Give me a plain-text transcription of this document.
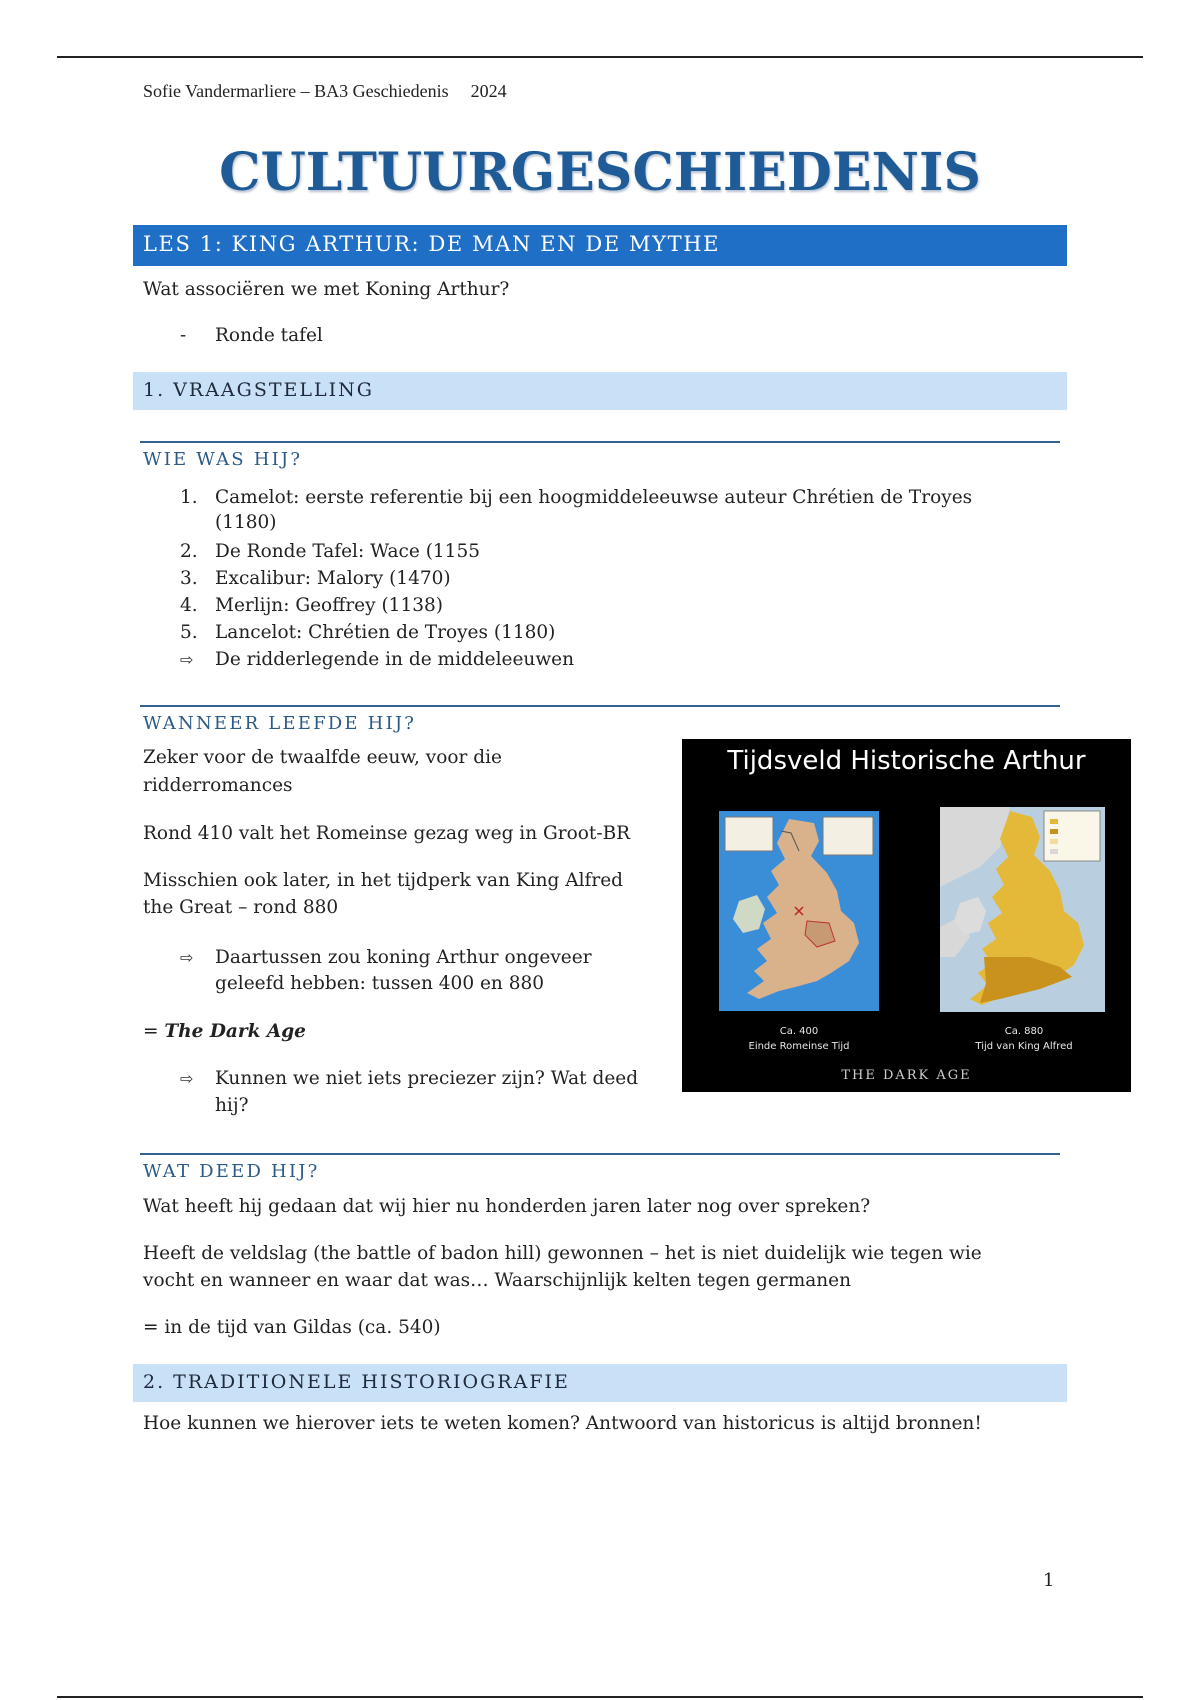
Sofie Vandermarliere – BA3 Geschiedenis 2024
CULTUURGESCHIEDENIS
LES 1: KING ARTHUR: DE MAN EN DE MYTHE
Wat associëren we met Koning Arthur?
- Ronde tafel
1. VRAAGSTELLING
WIE WAS HIJ?
1. Camelot: eerste referentie bij een hoogmiddeleeuwse auteur Chrétien de Troyes
(1180)
2. De Ronde Tafel: Wace (1155
3. Excalibur: Malory (1470)
4. Merlijn: Geoffrey (1138)
5. Lancelot: Chrétien de Troyes (1180)
⇨ De ridderlegende in de middeleeuwen
WANNEER LEEFDE HIJ?
Zeker voor de twaalfde eeuw, voor die
ridderromances
Rond 410 valt het Romeinse gezag weg in Groot-BR
Misschien ook later, in het tijdperk van King Alfred
the Great – rond 880
⇨ Daartussen zou koning Arthur ongeveer
geleefd hebben: tussen 400 en 880
= The Dark Age
⇨ Kunnen we niet iets preciezer zijn? Wat deed
hij?
Tijdsveld Historische Arthur
Ca. 400
Einde Romeinse Tijd
Ca. 880
Tijd van King Alfred
THE DARK AGE
WAT DEED HIJ?
Wat heeft hij gedaan dat wij hier nu honderden jaren later nog over spreken?
Heeft de veldslag (the battle of badon hill) gewonnen – het is niet duidelijk wie tegen wie
vocht en wanneer en waar dat was… Waarschijnlijk kelten tegen germanen
= in de tijd van Gildas (ca. 540)
2. TRADITIONELE HISTORIOGRAFIE
Hoe kunnen we hierover iets te weten komen? Antwoord van historicus is altijd bronnen!
1
